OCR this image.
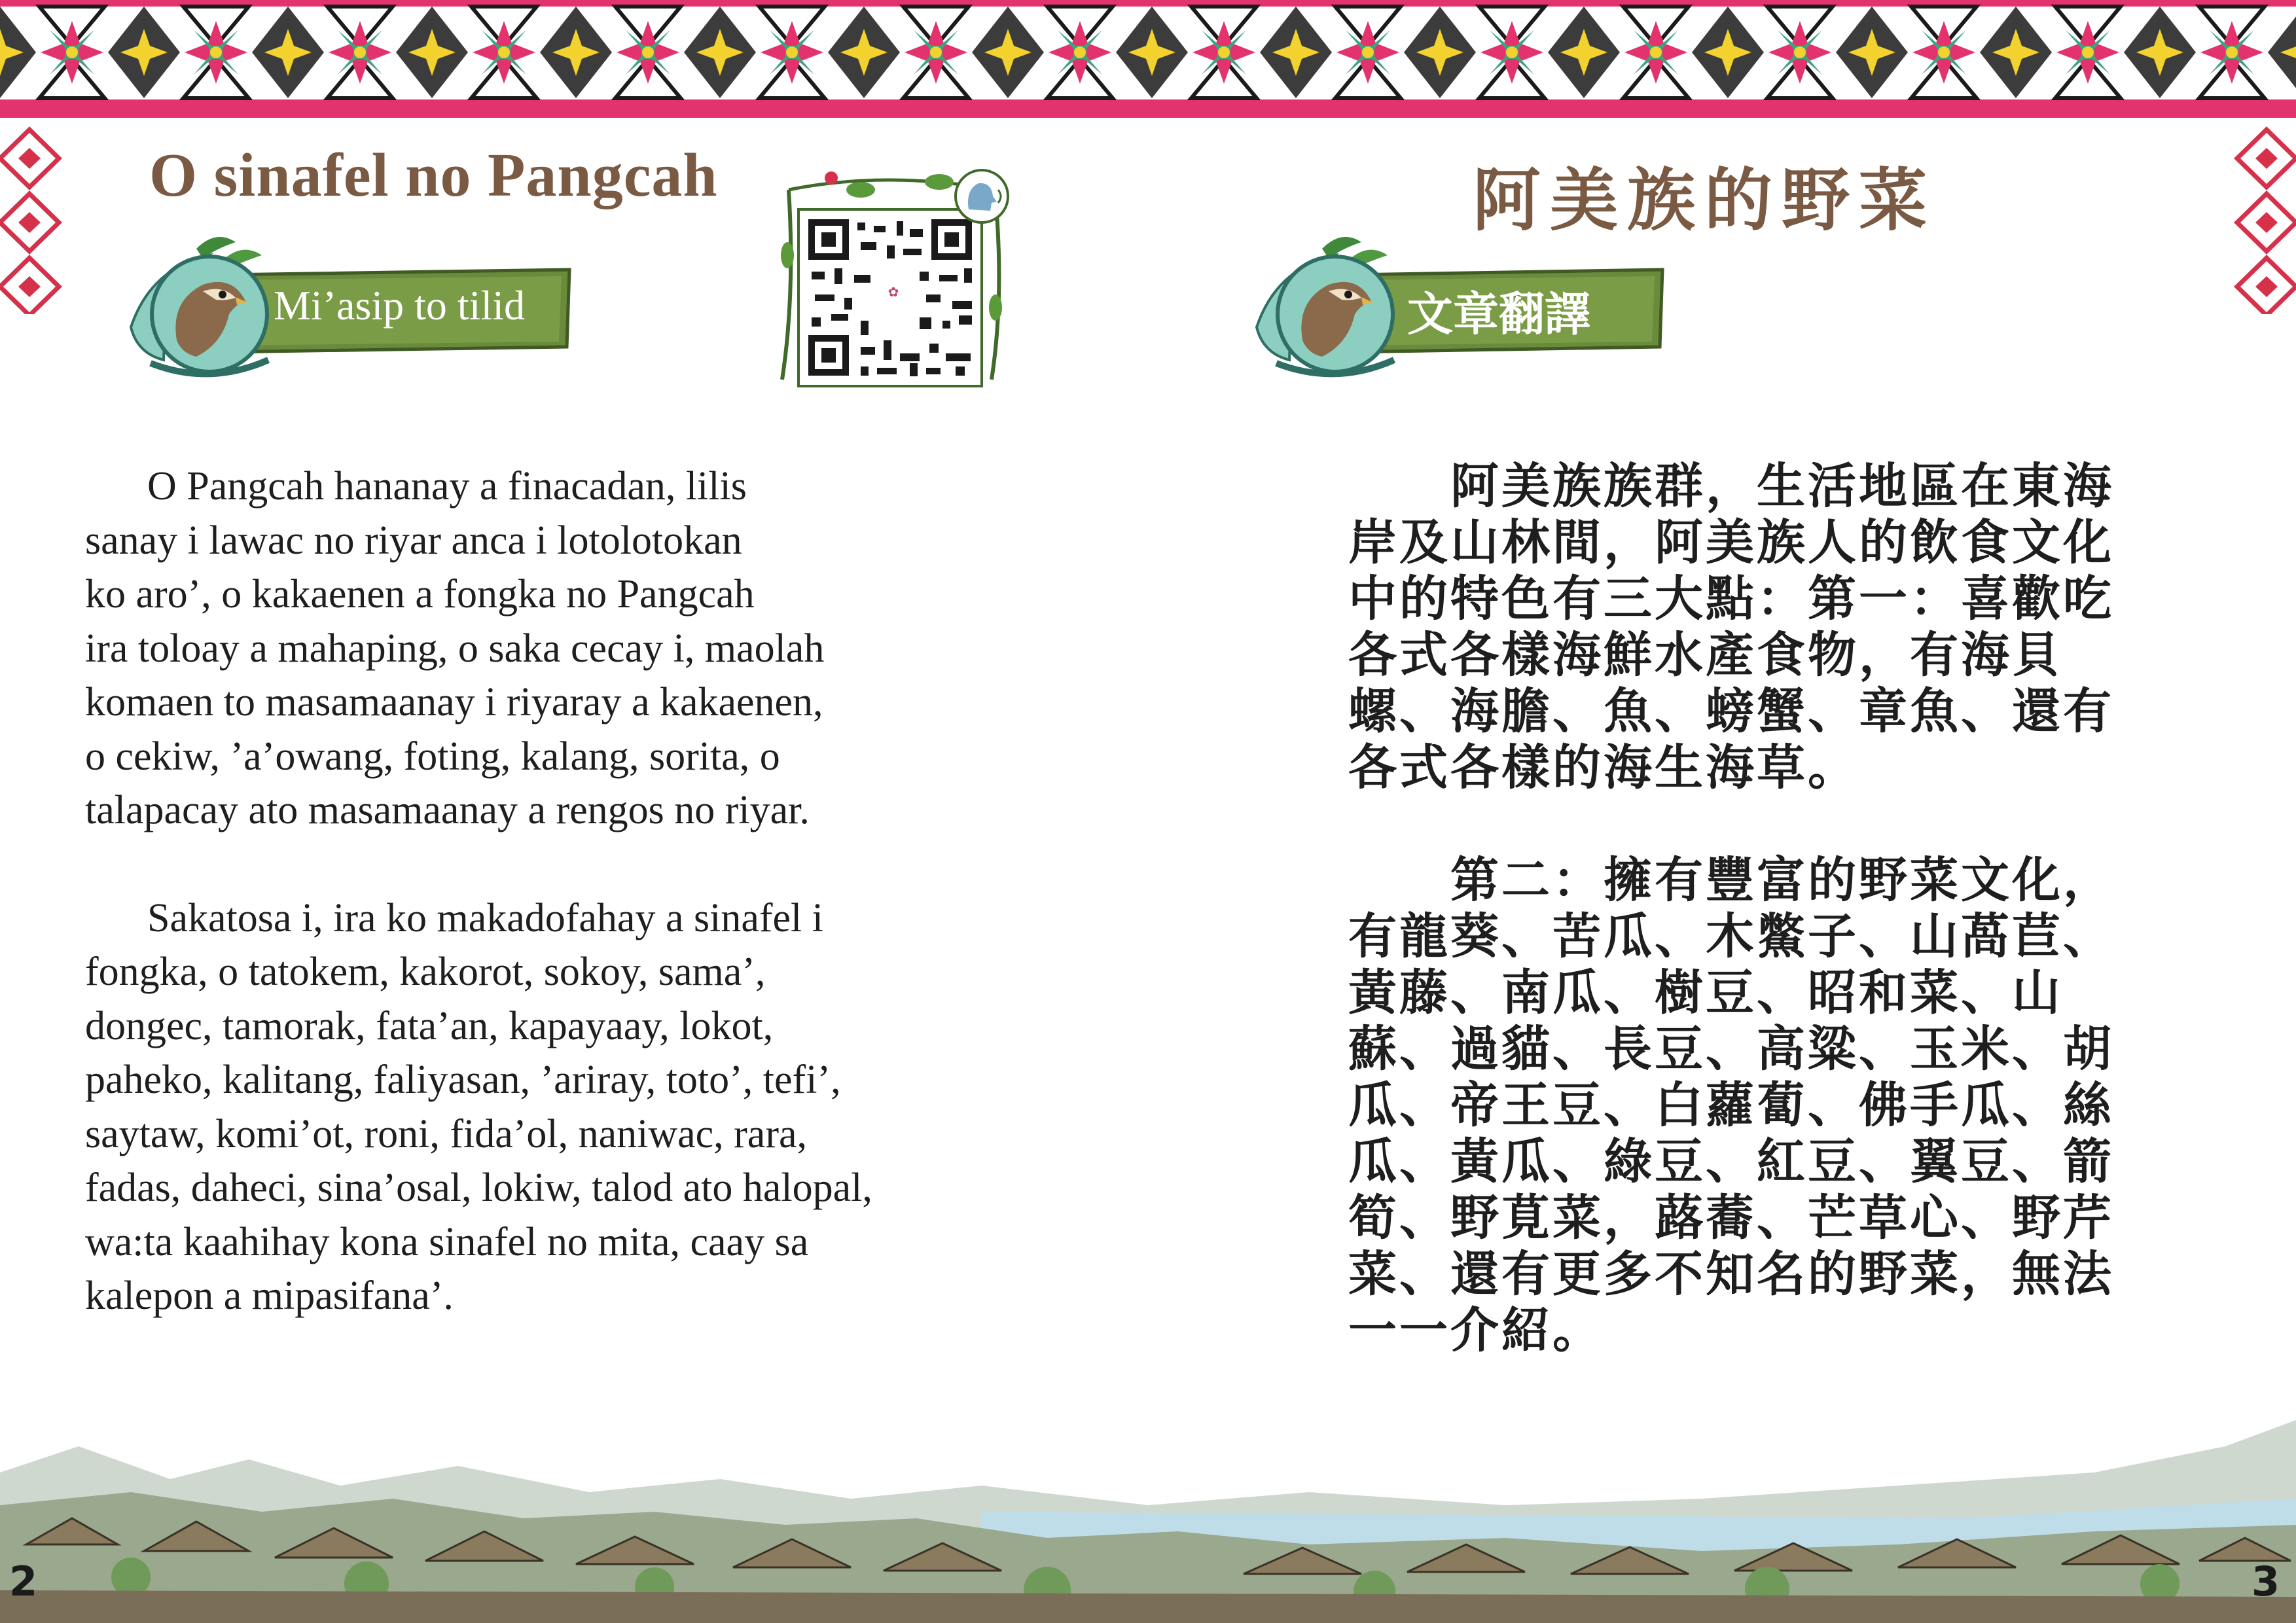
O sinafel no Pangcah
Mi’asip to tilid	✿

O Pangcah hananay a finacadan, lilis
sanay i lawac no riyar anca i lotolotokan
ko aro’, o kakaenen a fongka no Pangcah
ira toloay a mahaping, o saka cecay i, maolah
komaen to masamaanay i riyaray a kakaenen,
o cekiw, ’a’owang, foting, kalang, sorita, o
talapacay ato masamaanay a rengos no riyar.

Sakatosa i, ira ko makadofahay a sinafel i
fongka, o tatokem, kakorot, sokoy, sama’,
dongec, tamorak, fata’an, kapayaay, lokot,
paheko, kalitang, faliyasan, ’ariray, toto’, tefi’,
saytaw, komi’ot, roni, fida’ol, naniwac, rara,
fadas, daheci, sina’osal, lokiw, talod ato halopal,
wa:ta kaahihay kona sinafel no mita, caay sa
kalepon a mipasifana’.

阿美族的野菜
文章翻譯

　　阿美族族群，生活地區在東海
岸及山林間，阿美族人的飲食文化
中的特色有三大點：第一：喜歡吃
各式各樣海鮮水產食物，有海貝
螺、海膽、魚、螃蟹、章魚、還有
各式各樣的海生海草。

　　第二：擁有豐富的野菜文化，
有龍葵、苦瓜、木鱉子、山萵苣、
黃藤、南瓜、樹豆、昭和菜、山
蘇、過貓、長豆、高粱、玉米、胡
瓜、帝王豆、白蘿蔔、佛手瓜、絲
瓜、黃瓜、綠豆、紅豆、翼豆、箭
筍、野莧菜，蕗蕎、芒草心、野芹
菜、還有更多不知名的野菜，無法
一一介紹。

2	3
